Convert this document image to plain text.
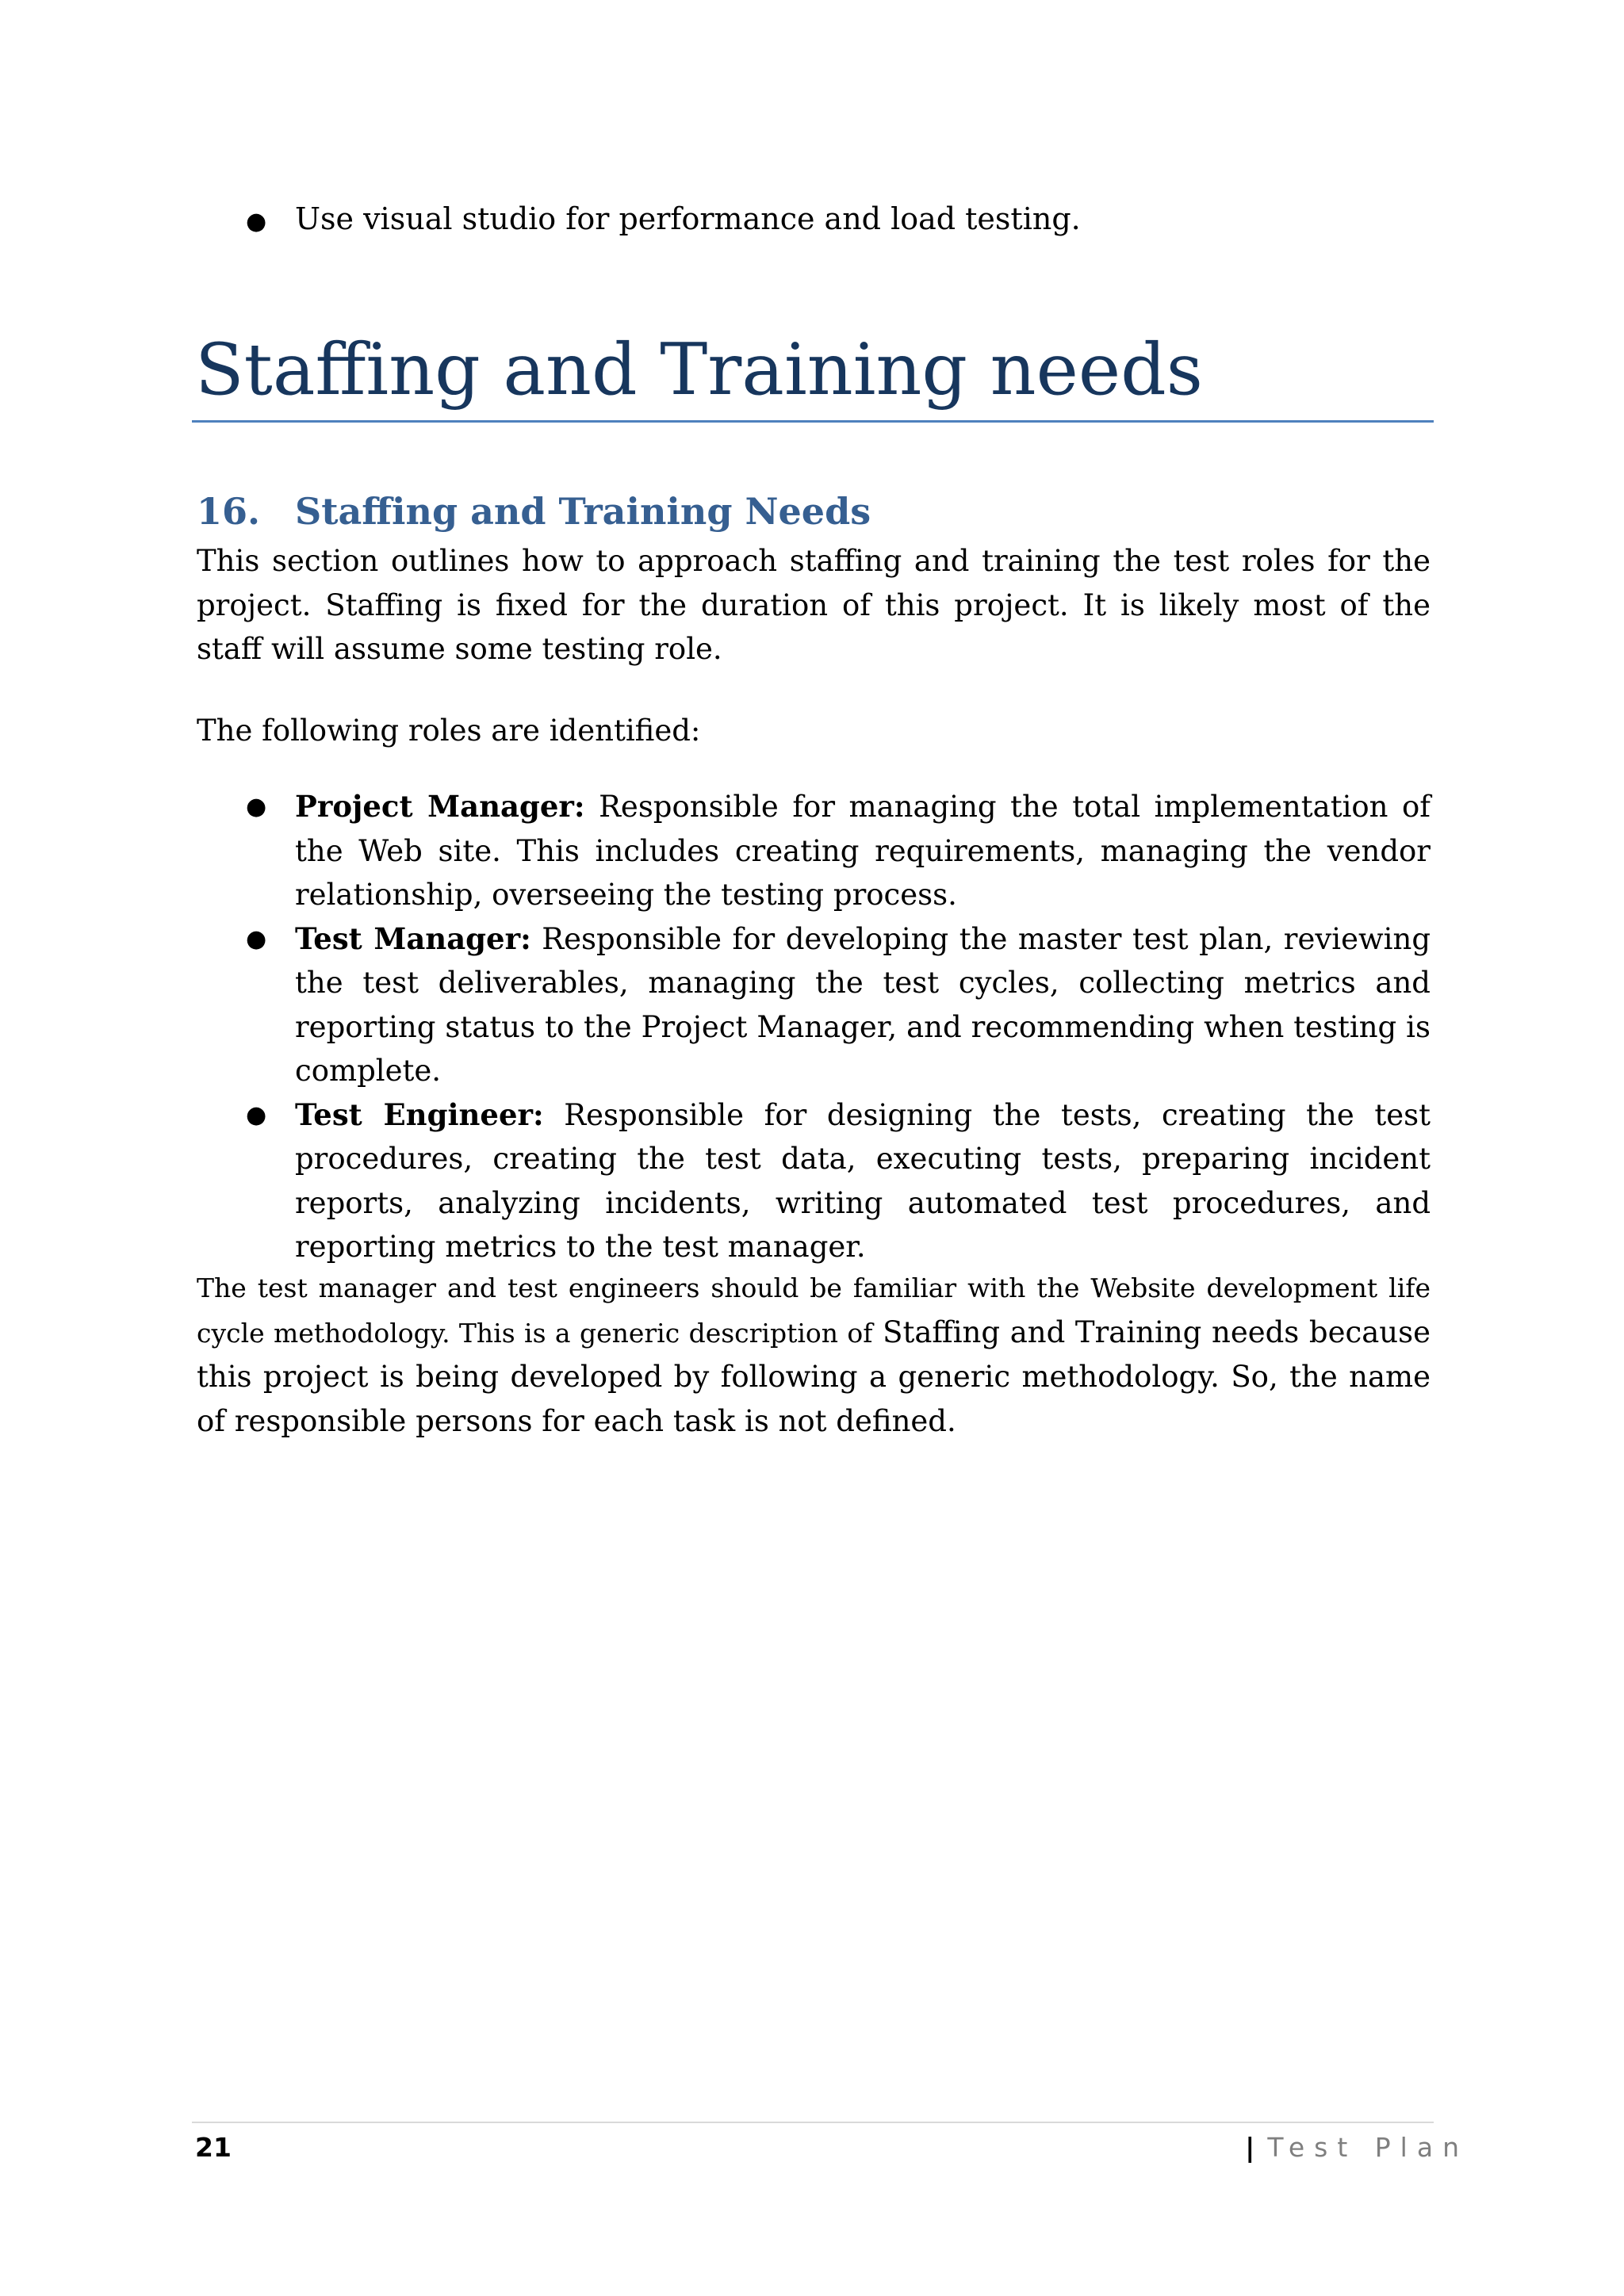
● Use visual studio for performance and load testing.
Staffing and Training needs
16. Staffing and Training Needs

This section outlines how to approach staffing and training the test roles for the project. Staffing is fixed for the duration of this project. It is likely most of the staff will assume some testing role.

The following roles are identified:

● Project Manager: Responsible for managing the total implementation of the Web site. This includes creating requirements, managing the vendor relationship, overseeing the testing process.
● Test Manager: Responsible for developing the master test plan, reviewing the test deliverables, managing the test cycles, collecting metrics and reporting status to the Project Manager, and recommending when testing is complete.
● Test Engineer: Responsible for designing the tests, creating the test procedures, creating the test data, executing tests, preparing incident reports, analyzing incidents, writing automated test procedures, and reporting metrics to the test manager.

The test manager and test engineers should be familiar with the Website development life cycle methodology. This is a generic description of Staffing and Training needs because this project is being developed by following a generic methodology. So, the name of responsible persons for each task is not defined.

21	|Test Plan
